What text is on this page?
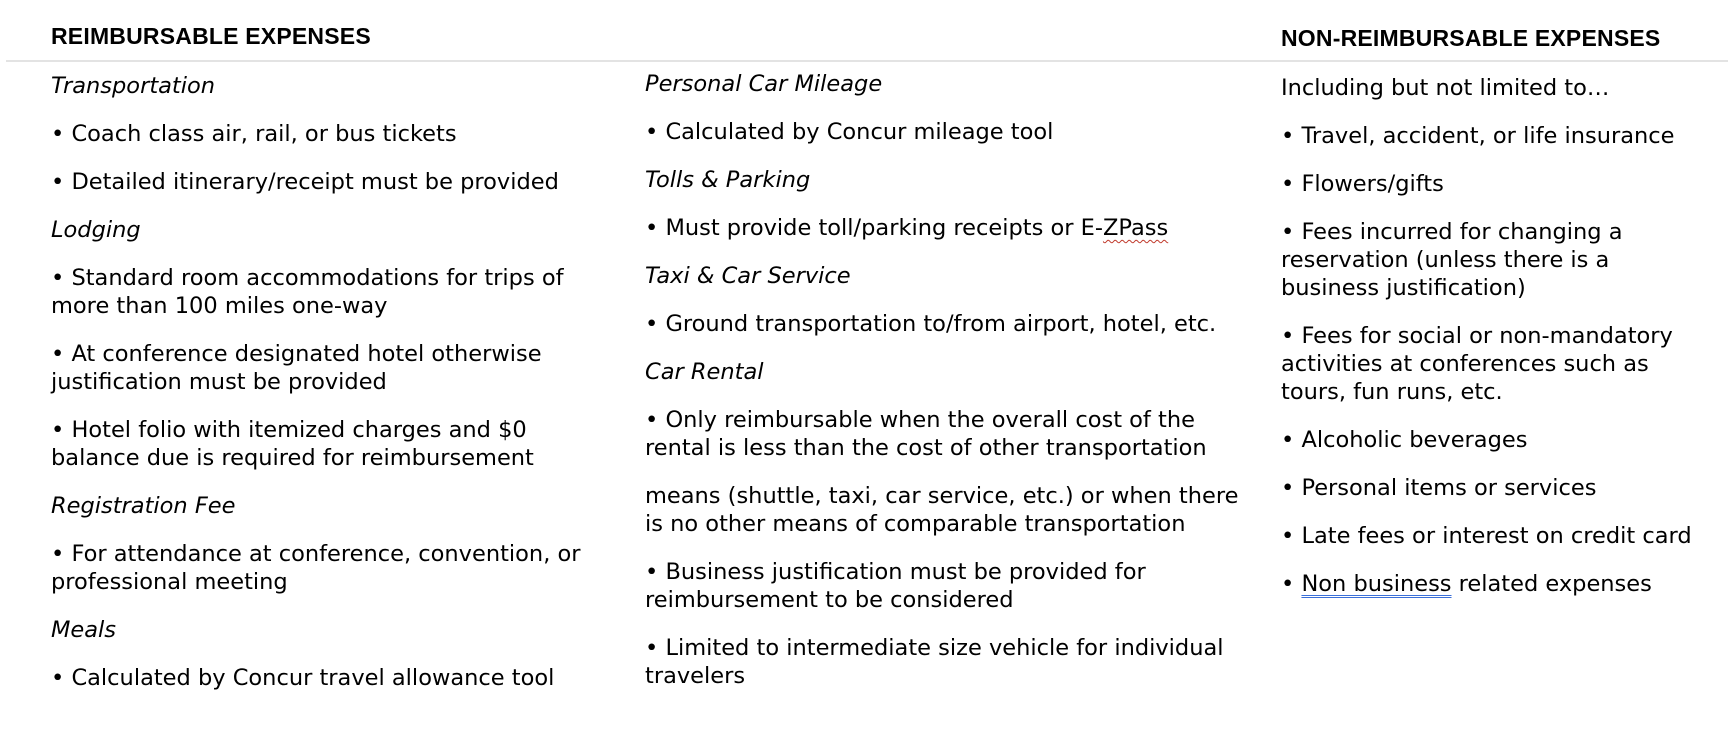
REIMBURSABLE EXPENSES
Transportation
• Coach class air, rail, or bus tickets
• Detailed itinerary/receipt must be provided
Lodging
• Standard room accommodations for trips of more than 100 miles one-way
• At conference designated hotel otherwise justification must be provided
• Hotel folio with itemized charges and $0 balance due is required for reimbursement
Registration Fee
• For attendance at conference, convention, or professional meeting
Meals
• Calculated by Concur travel allowance tool
Personal Car Mileage
• Calculated by Concur mileage tool
Tolls & Parking
• Must provide toll/parking receipts or E-ZPass
Taxi & Car Service
• Ground transportation to/from airport, hotel, etc.
Car Rental
• Only reimbursable when the overall cost of the rental is less than the cost of other transportation
means (shuttle, taxi, car service, etc.) or when there is no other means of comparable transportation
• Business justification must be provided for reimbursement to be considered
• Limited to intermediate size vehicle for individual travelers
NON-REIMBURSABLE EXPENSES
Including but not limited to…
• Travel, accident, or life insurance
• Flowers/gifts
• Fees incurred for changing a reservation (unless there is a business justification)
• Fees for social or non-mandatory activities at conferences such as tours, fun runs, etc.
• Alcoholic beverages
• Personal items or services
• Late fees or interest on credit card
• Non business related expenses
